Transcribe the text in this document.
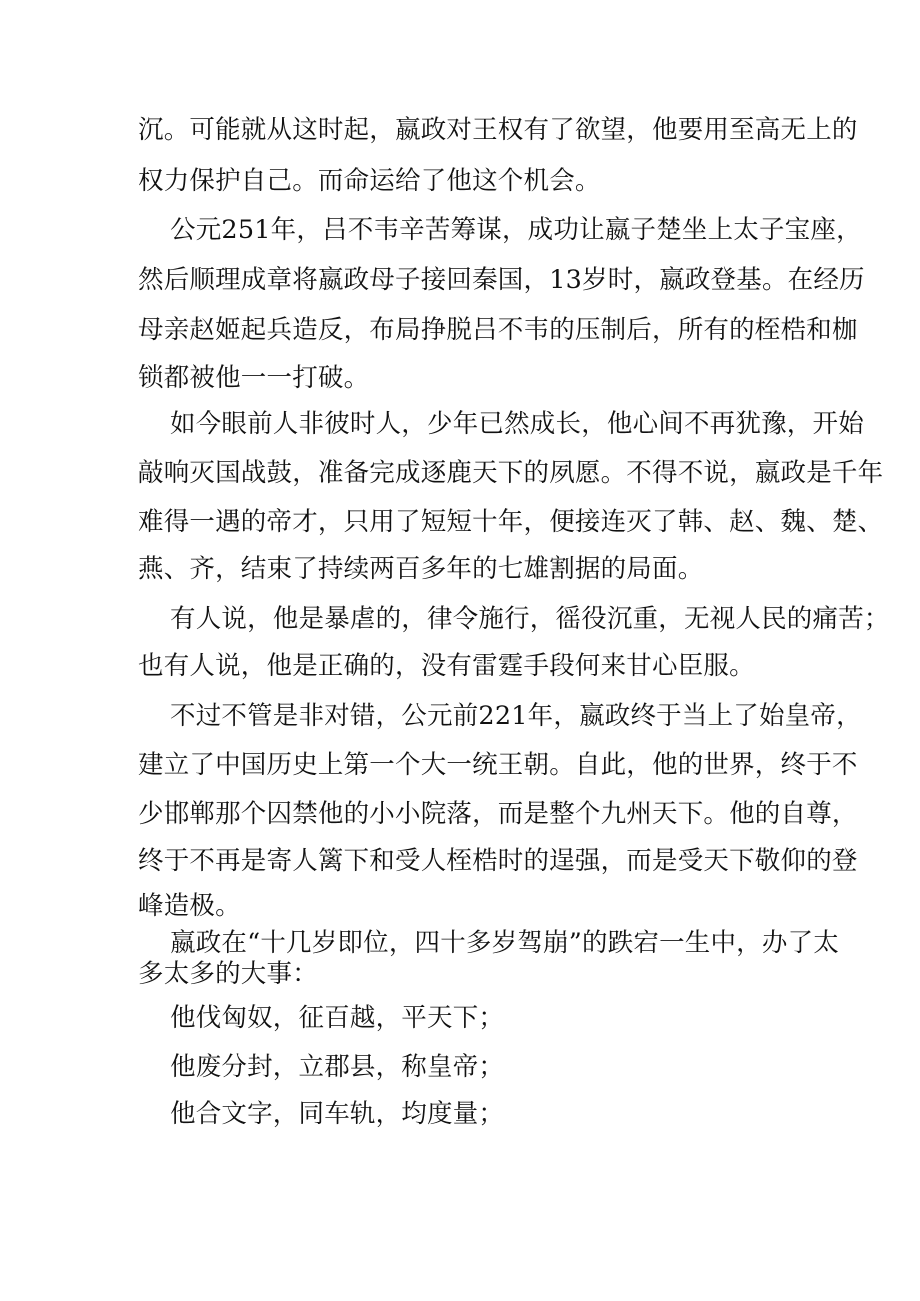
沉。可能就从这时起，嬴政对王权有了欲望，他要用至高无上的

权力保护自己。而命运给了他这个机会。

公元251年，吕不韦辛苦筹谋，成功让嬴子楚坐上太子宝座，

然后顺理成章将嬴政母子接回秦国，13岁时，嬴政登基。在经历

母亲赵姬起兵造反，布局挣脱吕不韦的压制后，所有的桎梏和枷

锁都被他一一打破。

如今眼前人非彼时人，少年已然成长，他心间不再犹豫，开始

敲响灭国战鼓，准备完成逐鹿天下的夙愿。不得不说，嬴政是千年

难得一遇的帝才，只用了短短十年，便接连灭了韩、赵、魏、楚、

燕、齐，结束了持续两百多年的七雄割据的局面。

有人说，他是暴虐的，律令施行，徭役沉重，无视人民的痛苦；

也有人说，他是正确的，没有雷霆手段何来甘心臣服。

不过不管是非对错，公元前221年，嬴政终于当上了始皇帝，

建立了中国历史上第一个大一统王朝。自此，他的世界，终于不

少邯郸那个囚禁他的小小院落，而是整个九州天下。他的自尊，

终于不再是寄人篱下和受人桎梏时的逞强，而是受天下敬仰的登

峰造极。

嬴政在“十几岁即位，四十多岁驾崩”的跌宕一生中，办了太

多太多的大事：

他伐匈奴，征百越，平天下；

他废分封，立郡县，称皇帝；

他合文字，同车轨，均度量；
